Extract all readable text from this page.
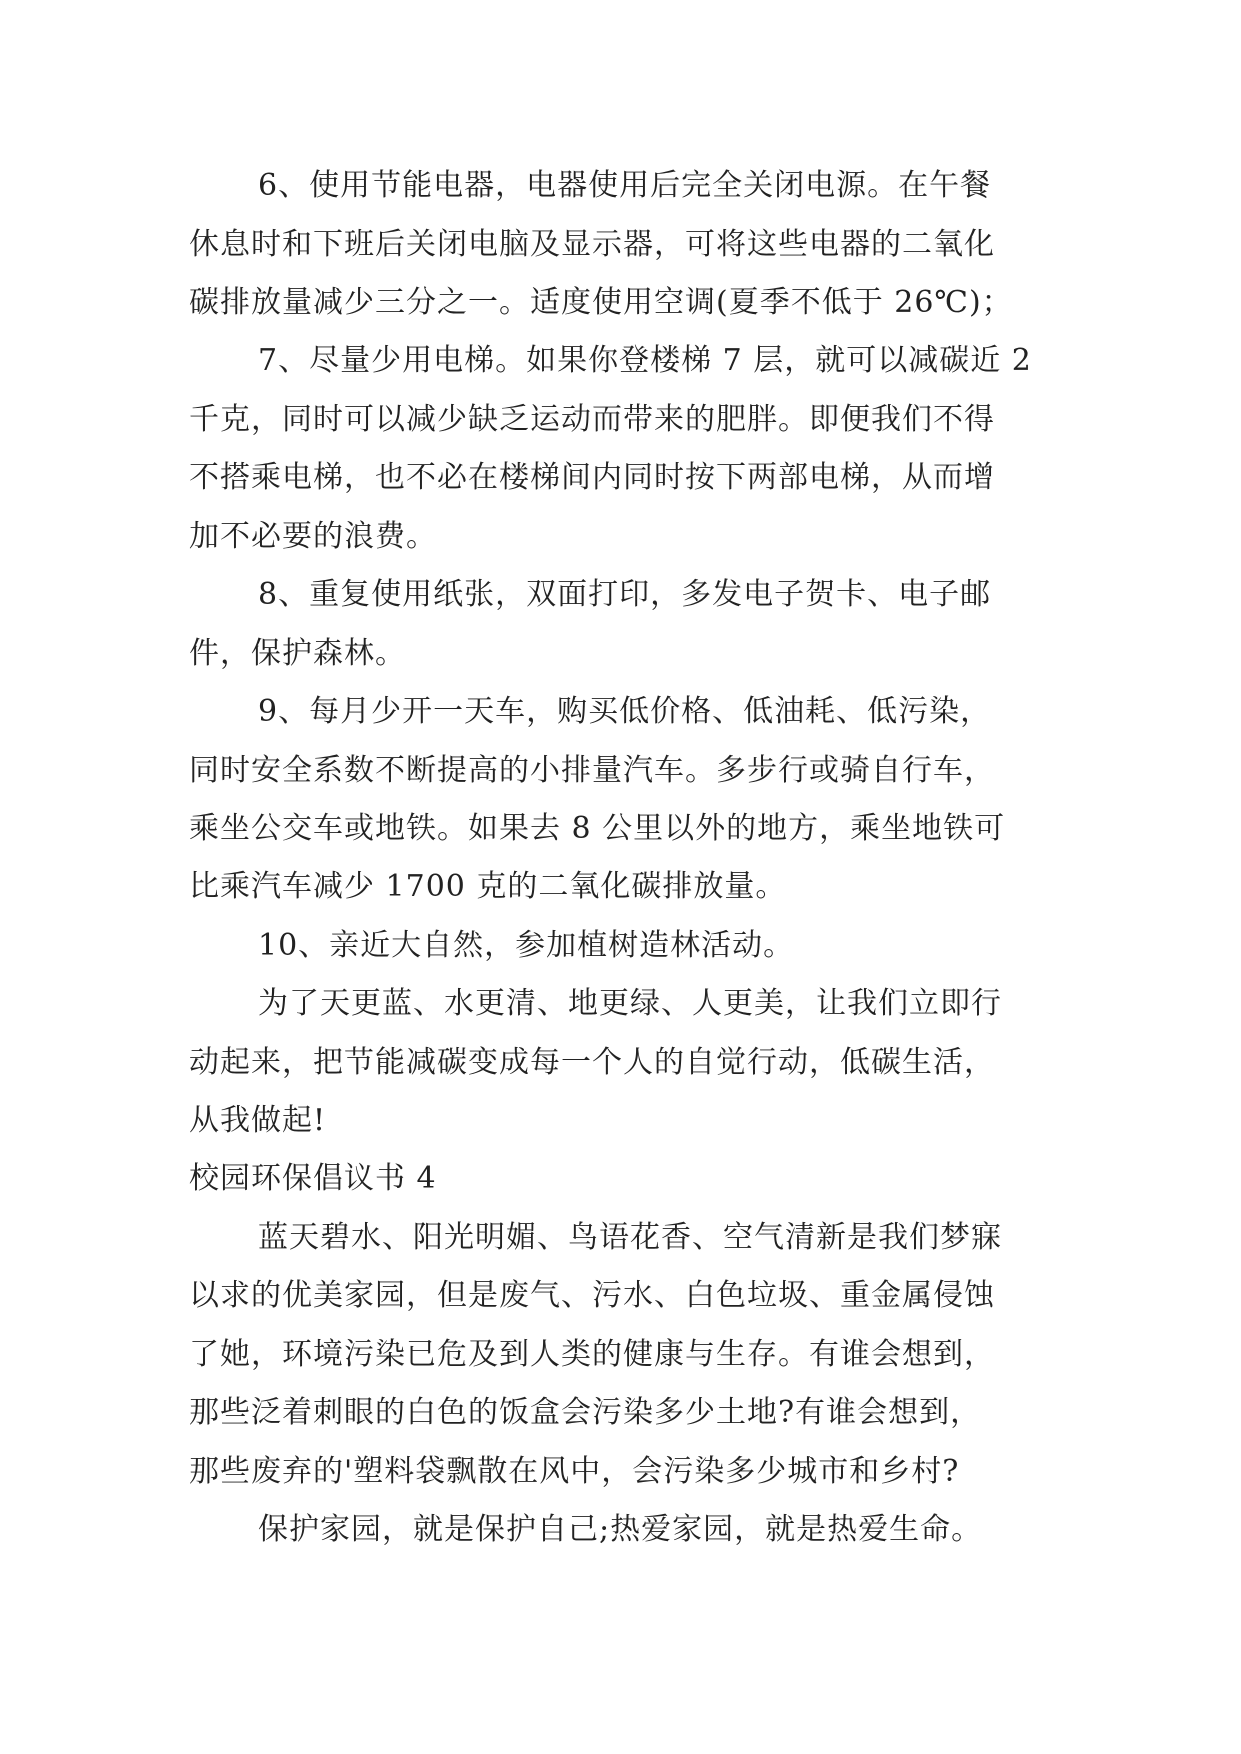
6、使用节能电器，电器使用后完全关闭电源。在午餐
休息时和下班后关闭电脑及显示器，可将这些电器的二氧化
碳排放量减少三分之一。适度使用空调(夏季不低于 26℃)；
7、尽量少用电梯。如果你登楼梯 7 层，就可以减碳近 2
千克，同时可以减少缺乏运动而带来的肥胖。即便我们不得
不搭乘电梯，也不必在楼梯间内同时按下两部电梯，从而增
加不必要的浪费。
8、重复使用纸张，双面打印，多发电子贺卡、电子邮
件，保护森林。
9、每月少开一天车，购买低价格、低油耗、低污染，
同时安全系数不断提高的小排量汽车。多步行或骑自行车，
乘坐公交车或地铁。如果去 8 公里以外的地方，乘坐地铁可
比乘汽车减少 1700 克的二氧化碳排放量。
10、亲近大自然，参加植树造林活动。
为了天更蓝、水更清、地更绿、人更美，让我们立即行
动起来，把节能减碳变成每一个人的自觉行动，低碳生活，
从我做起!
校园环保倡议书 4
蓝天碧水、阳光明媚、鸟语花香、空气清新是我们梦寐
以求的优美家园，但是废气、污水、白色垃圾、重金属侵蚀
了她，环境污染已危及到人类的健康与生存。有谁会想到，
那些泛着刺眼的白色的饭盒会污染多少土地?有谁会想到，
那些废弃的'塑料袋飘散在风中，会污染多少城市和乡村?
保护家园，就是保护自己;热爱家园，就是热爱生命。
